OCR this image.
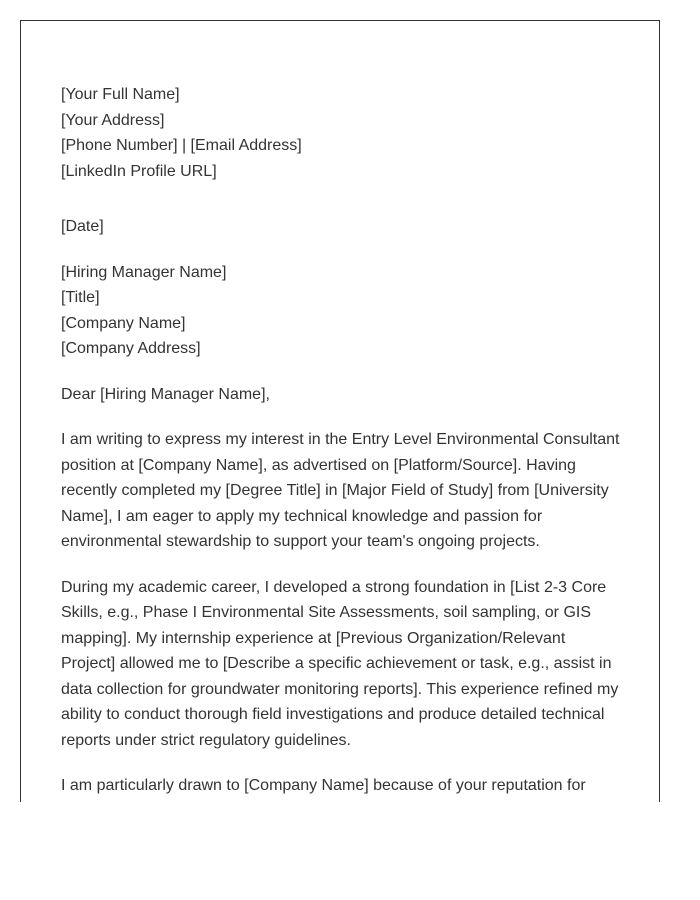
[Your Full Name]
[Your Address]
[Phone Number] | [Email Address]
[LinkedIn Profile URL]
[Date]
[Hiring Manager Name]
[Title]
[Company Name]
[Company Address]
Dear [Hiring Manager Name],
I am writing to express my interest in the Entry Level Environmental Consultant
position at [Company Name], as advertised on [Platform/Source]. Having
recently completed my [Degree Title] in [Major Field of Study] from [University
Name], I am eager to apply my technical knowledge and passion for
environmental stewardship to support your team's ongoing projects.
During my academic career, I developed a strong foundation in [List 2-3 Core
Skills, e.g., Phase I Environmental Site Assessments, soil sampling, or GIS
mapping]. My internship experience at [Previous Organization/Relevant
Project] allowed me to [Describe a specific achievement or task, e.g., assist in
data collection for groundwater monitoring reports]. This experience refined my
ability to conduct thorough field investigations and produce detailed technical
reports under strict regulatory guidelines.
I am particularly drawn to [Company Name] because of your reputation for
